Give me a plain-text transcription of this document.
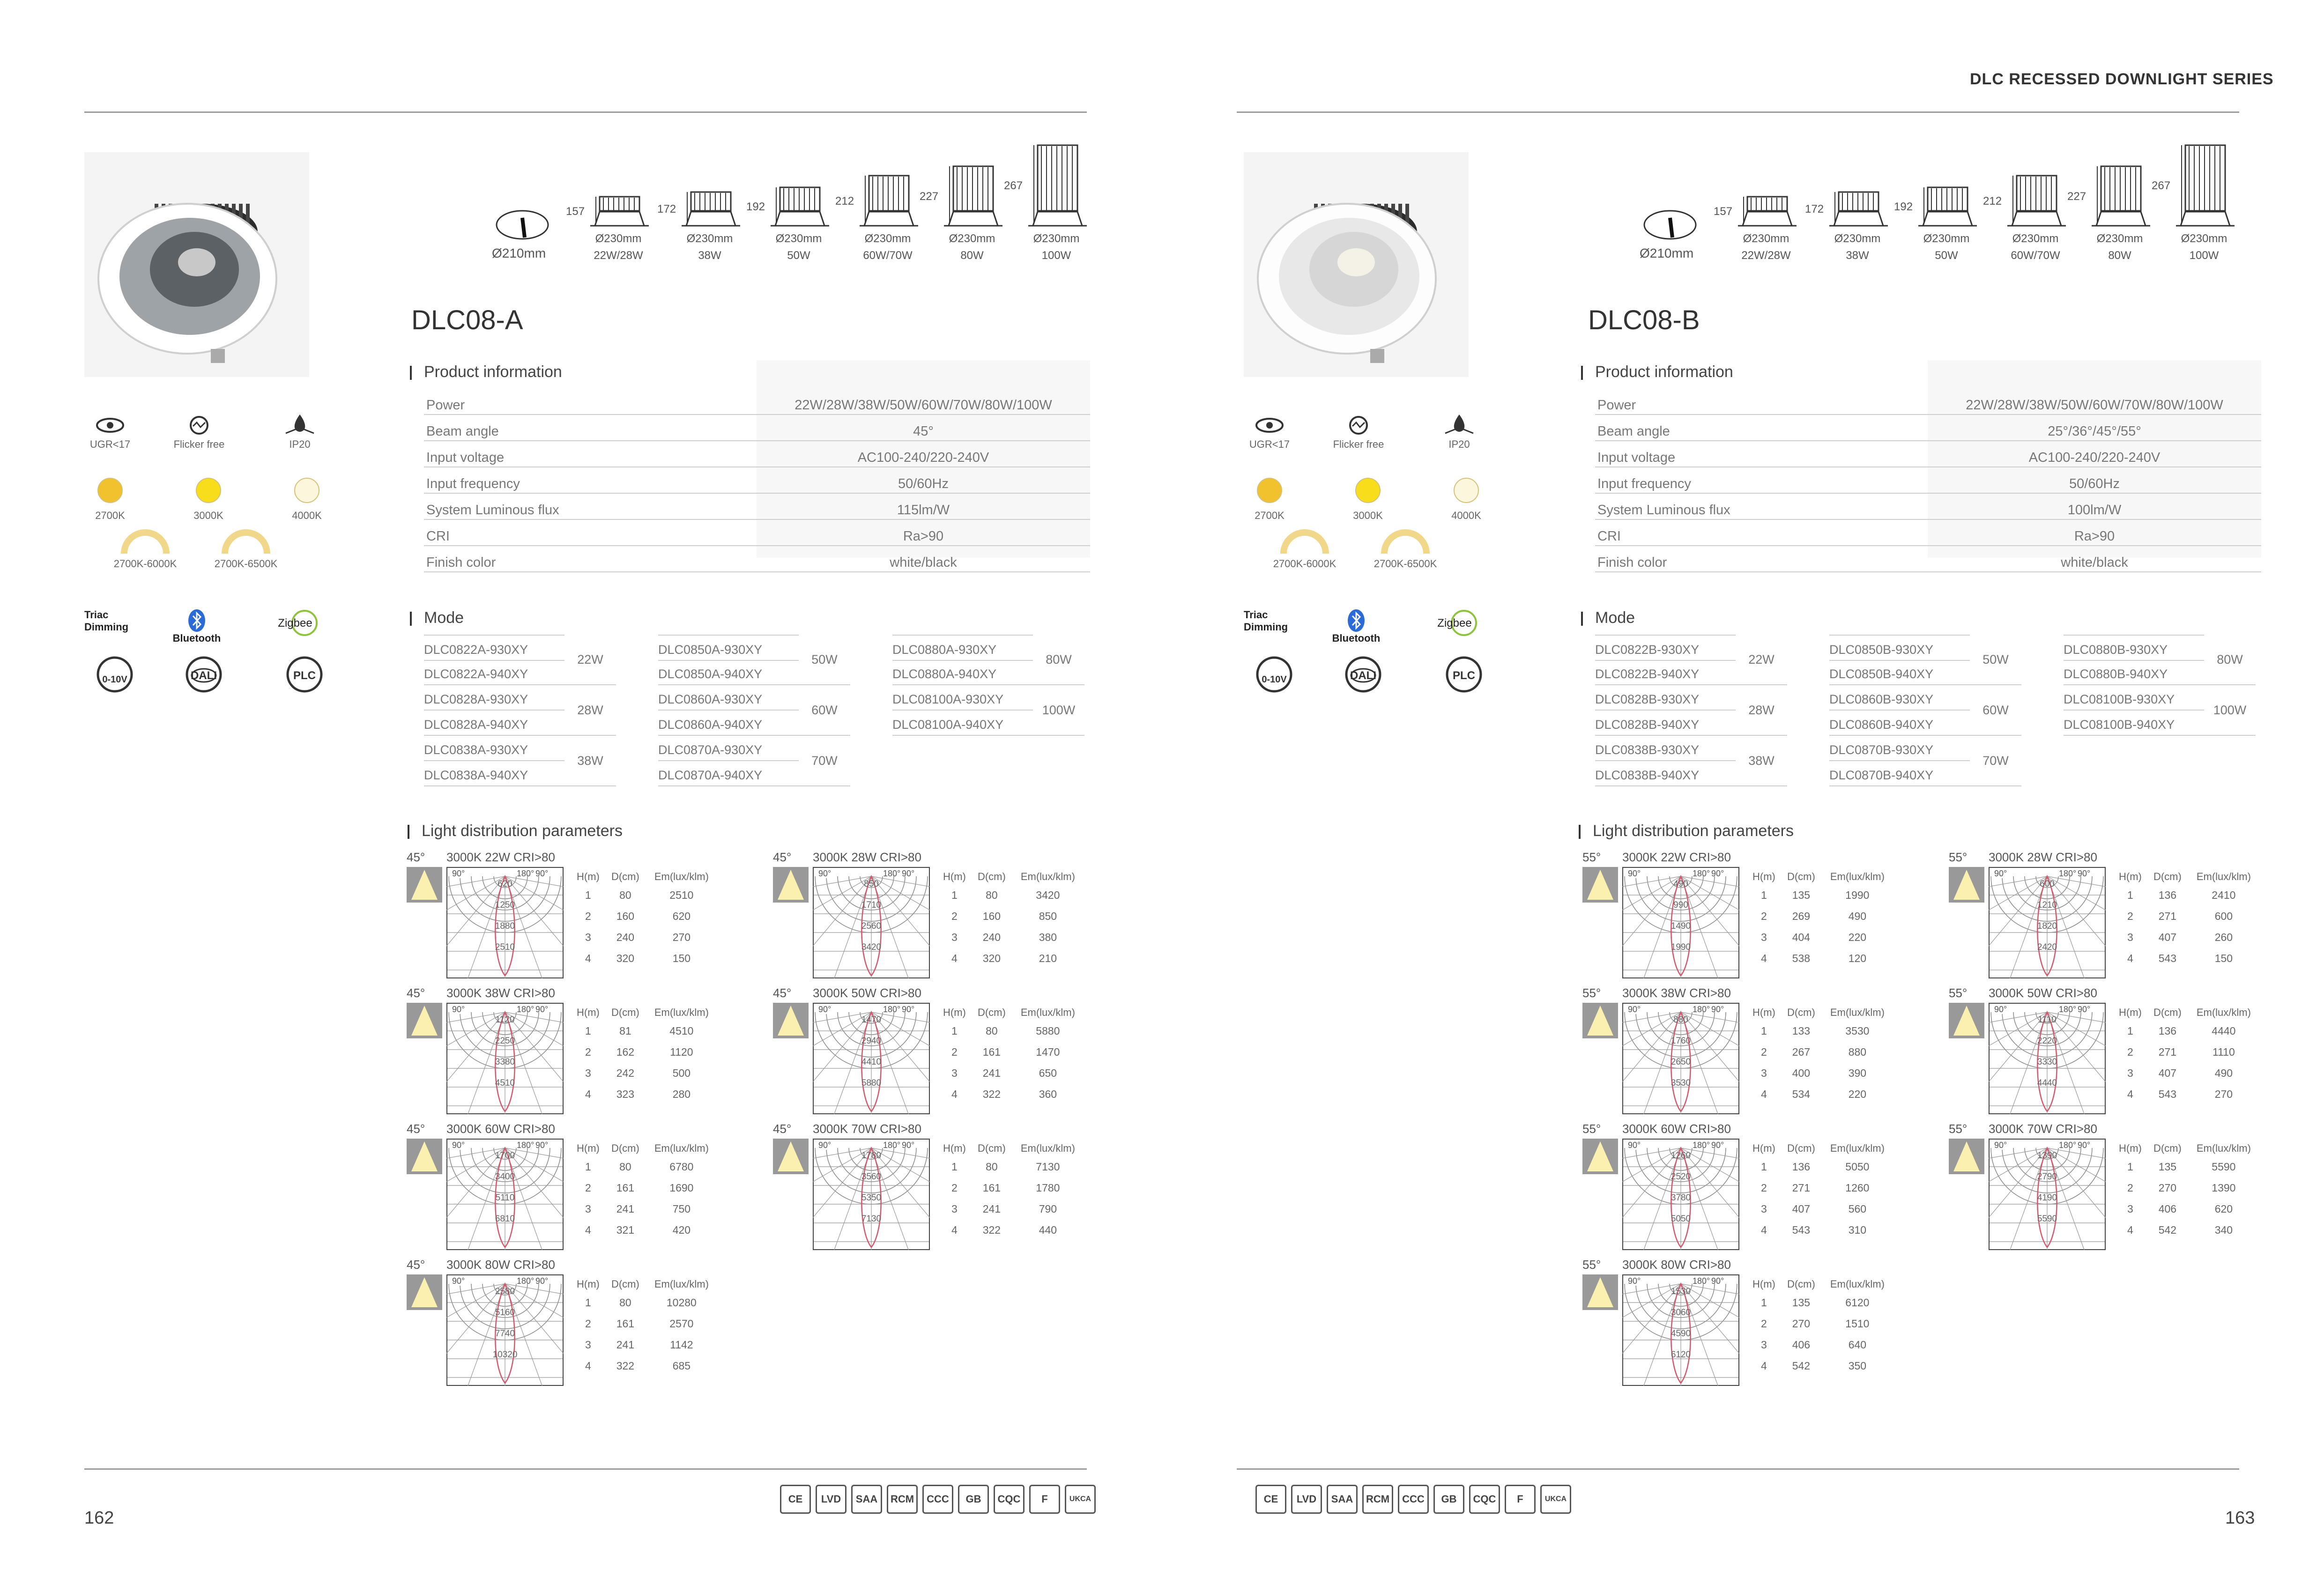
DLC RECESSED DOWNLIGHT SERIES
162
UGR<17	Flicker free	IP20
2700K	3000K	4000K
2700K-6000K	2700K-6500K
Triac Dimming
Bluetooth
Zigbee
0-10V	DALI	PLC
Ø210mm
157
Ø230mm
22W/28W
172
Ø230mm
38W
192
Ø230mm
50W
212
Ø230mm
60W/70W
227
Ø230mm
80W
267
Ø230mm
100W
DLC08-A
Product information
Power	22W/28W/38W/50W/60W/70W/80W/100W
Beam angle	45°
Input voltage	AC100-240/220-240V
Input frequency	50/60Hz
System Luminous flux	115lm/W
CRI	Ra>90
Finish color	white/black
Mode
DLC0822A-930XY
DLC0822A-940XY
22W
DLC0828A-930XY
DLC0828A-940XY
28W
DLC0838A-930XY
DLC0838A-940XY
38W
DLC0850A-930XY
DLC0850A-940XY
50W
DLC0860A-930XY
DLC0860A-940XY
60W
DLC0870A-930XY
DLC0870A-940XY
70W
DLC0880A-930XY
DLC0880A-940XY
80W
DLC08100A-930XY
DLC08100A-940XY
100W
Light distribution parameters
45° 3000K 22W CRI>80
90°	90°
180°
620
1250
1880
2510
H(m)	D(cm)	Em(lux/klm)
1	80	2510
2	160	620
3	240	270
4	320	150
45° 3000K 28W CRI>80
90°	90°
180°
850
1710
2560
3420
H(m)	D(cm)	Em(lux/klm)
1	80	3420
2	160	850
3	240	380
4	320	210
45° 3000K 38W CRI>80
90°	90°
180°
1120
2250
3380
4510
H(m)	D(cm)	Em(lux/klm)
1	81	4510
2	162	1120
3	242	500
4	323	280
45° 3000K 50W CRI>80
90°	90°
180°
1470
2940
4410
5880
H(m)	D(cm)	Em(lux/klm)
1	80	5880
2	161	1470
3	241	650
4	322	360
45° 3000K 60W CRI>80
90°	90°
180°
1700
3400
5110
6810
H(m)	D(cm)	Em(lux/klm)
1	80	6780
2	161	1690
3	241	750
4	321	420
45° 3000K 70W CRI>80
90°	90°
180°
1780
3560
5350
7130
H(m)	D(cm)	Em(lux/klm)
1	80	7130
2	161	1780
3	241	790
4	322	440
45° 3000K 80W CRI>80
90°	90°
180°
2580
5160
7740
10320
H(m)	D(cm)	Em(lux/klm)
1	80	10280
2	161	2570
3	241	1142
4	322	685
CE	LVD	SAA	RCM	CCC	GB	CQC	F	UKCA
163
UGR<17	Flicker free	IP20
2700K	3000K	4000K
2700K-6000K	2700K-6500K
Triac Dimming
Bluetooth
Zigbee
0-10V	DALI	PLC
Ø210mm
157
Ø230mm
22W/28W
172
Ø230mm
38W
192
Ø230mm
50W
212
Ø230mm
60W/70W
227
Ø230mm
80W
267
Ø230mm
100W
DLC08-B
Product information
Power	22W/28W/38W/50W/60W/70W/80W/100W
Beam angle	25°/36°/45°/55°
Input voltage	AC100-240/220-240V
Input frequency	50/60Hz
System Luminous flux	100lm/W
CRI	Ra>90
Finish color	white/black
Mode
DLC0822B-930XY
DLC0822B-940XY
22W
DLC0828B-930XY
DLC0828B-940XY
28W
DLC0838B-930XY
DLC0838B-940XY
38W
DLC0850B-930XY
DLC0850B-940XY
50W
DLC0860B-930XY
DLC0860B-940XY
60W
DLC0870B-930XY
DLC0870B-940XY
70W
DLC0880B-930XY
DLC0880B-940XY
80W
DLC08100B-930XY
DLC08100B-940XY
100W
Light distribution parameters
55° 3000K 22W CRI>80
90°	90°
180°
490
990
1490
1990
H(m)	D(cm)	Em(lux/klm)
1	135	1990
2	269	490
3	404	220
4	538	120
55° 3000K 28W CRI>80
90°	90°
180°
600
1210
1820
2420
H(m)	D(cm)	Em(lux/klm)
1	136	2410
2	271	600
3	407	260
4	543	150
55° 3000K 38W CRI>80
90°	90°
180°
880
1760
2650
3530
H(m)	D(cm)	Em(lux/klm)
1	133	3530
2	267	880
3	400	390
4	534	220
55° 3000K 50W CRI>80
90°	90°
180°
1110
2220
3330
4440
H(m)	D(cm)	Em(lux/klm)
1	136	4440
2	271	1110
3	407	490
4	543	270
55° 3000K 60W CRI>80
90°	90°
180°
1260
2520
3780
5050
H(m)	D(cm)	Em(lux/klm)
1	136	5050
2	271	1260
3	407	560
4	543	310
55° 3000K 70W CRI>80
90°	90°
180°
1390
2790
4190
5590
H(m)	D(cm)	Em(lux/klm)
1	135	5590
2	270	1390
3	406	620
4	542	340
55° 3000K 80W CRI>80
90°	90°
180°
1530
3060
4590
6120
H(m)	D(cm)	Em(lux/klm)
1	135	6120
2	270	1510
3	406	640
4	542	350
CE	LVD	SAA	RCM	CCC	GB	CQC	F	UKCA
